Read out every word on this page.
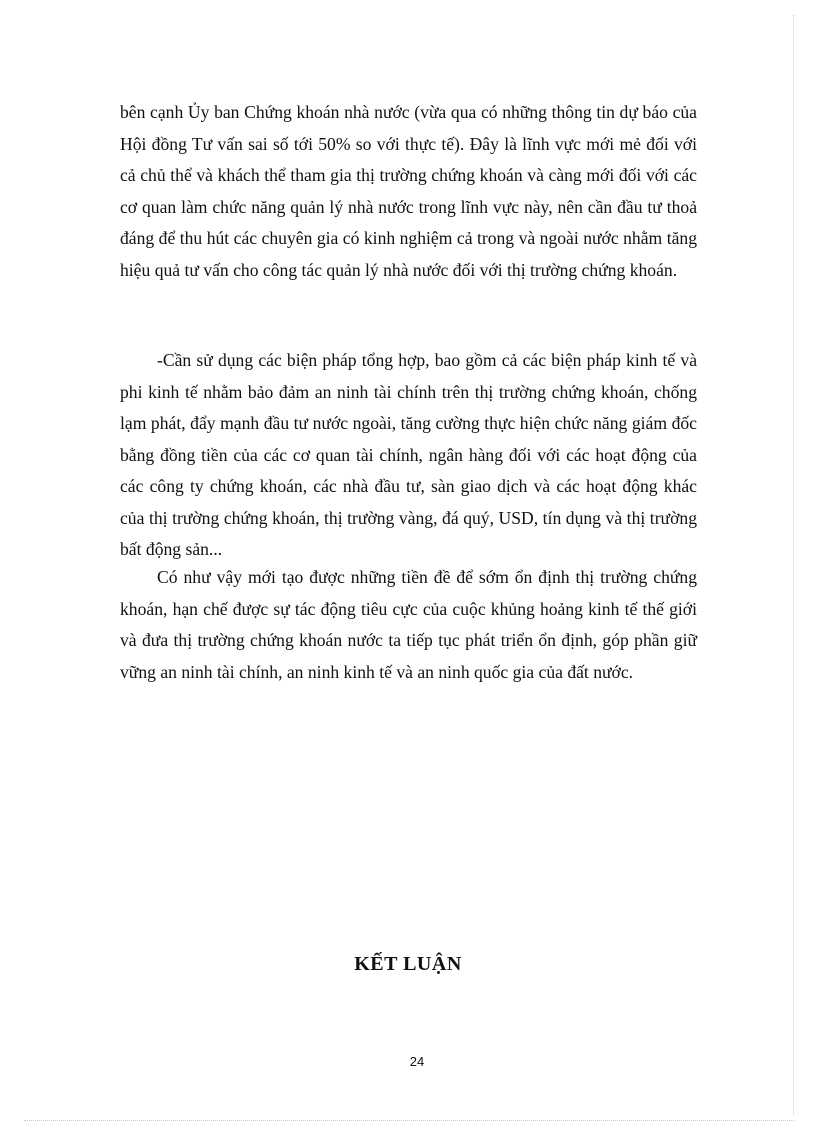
bên cạnh Ủy ban Chứng khoán nhà nước (vừa qua có những thông tin dự báo của Hội đồng Tư vấn sai số tới 50% so với thực tế). Đây là lĩnh vực mới mẻ đối với cả chủ thể và khách thể tham gia thị trường chứng khoán và càng mới đối với các cơ quan làm chức năng quản lý nhà nước trong lĩnh vực này, nên cần đầu tư thoả đáng để thu hút các chuyên gia có kinh nghiệm cả trong và ngoài nước nhằm tăng hiệu quả tư vấn cho công tác quản lý nhà nước đối với thị trường chứng khoán.

-Cần sử dụng các biện pháp tổng hợp, bao gồm cả các biện pháp kinh tế và phi kinh tế nhằm bảo đảm an ninh tài chính trên thị trường chứng khoán, chống lạm phát, đẩy mạnh đầu tư nước ngoài, tăng cường thực hiện chức năng giám đốc bằng đồng tiền của các cơ quan tài chính, ngân hàng đối với các hoạt động của các công ty chứng khoán, các nhà đầu tư, sàn giao dịch và các hoạt động khác của thị trường chứng khoán, thị trường vàng, đá quý, USD, tín dụng và thị trường bất động sản...

Có như vậy mới tạo được những tiền đề để sớm ổn định thị trường chứng khoán, hạn chế được sự tác động tiêu cực của cuộc khủng hoảng kinh tế thế giới và đưa thị trường chứng khoán nước ta tiếp tục phát triển ổn định, góp phần giữ vững an ninh tài chính, an ninh kinh tế và an ninh quốc gia của đất nước.

KẾT LUẬN
24
